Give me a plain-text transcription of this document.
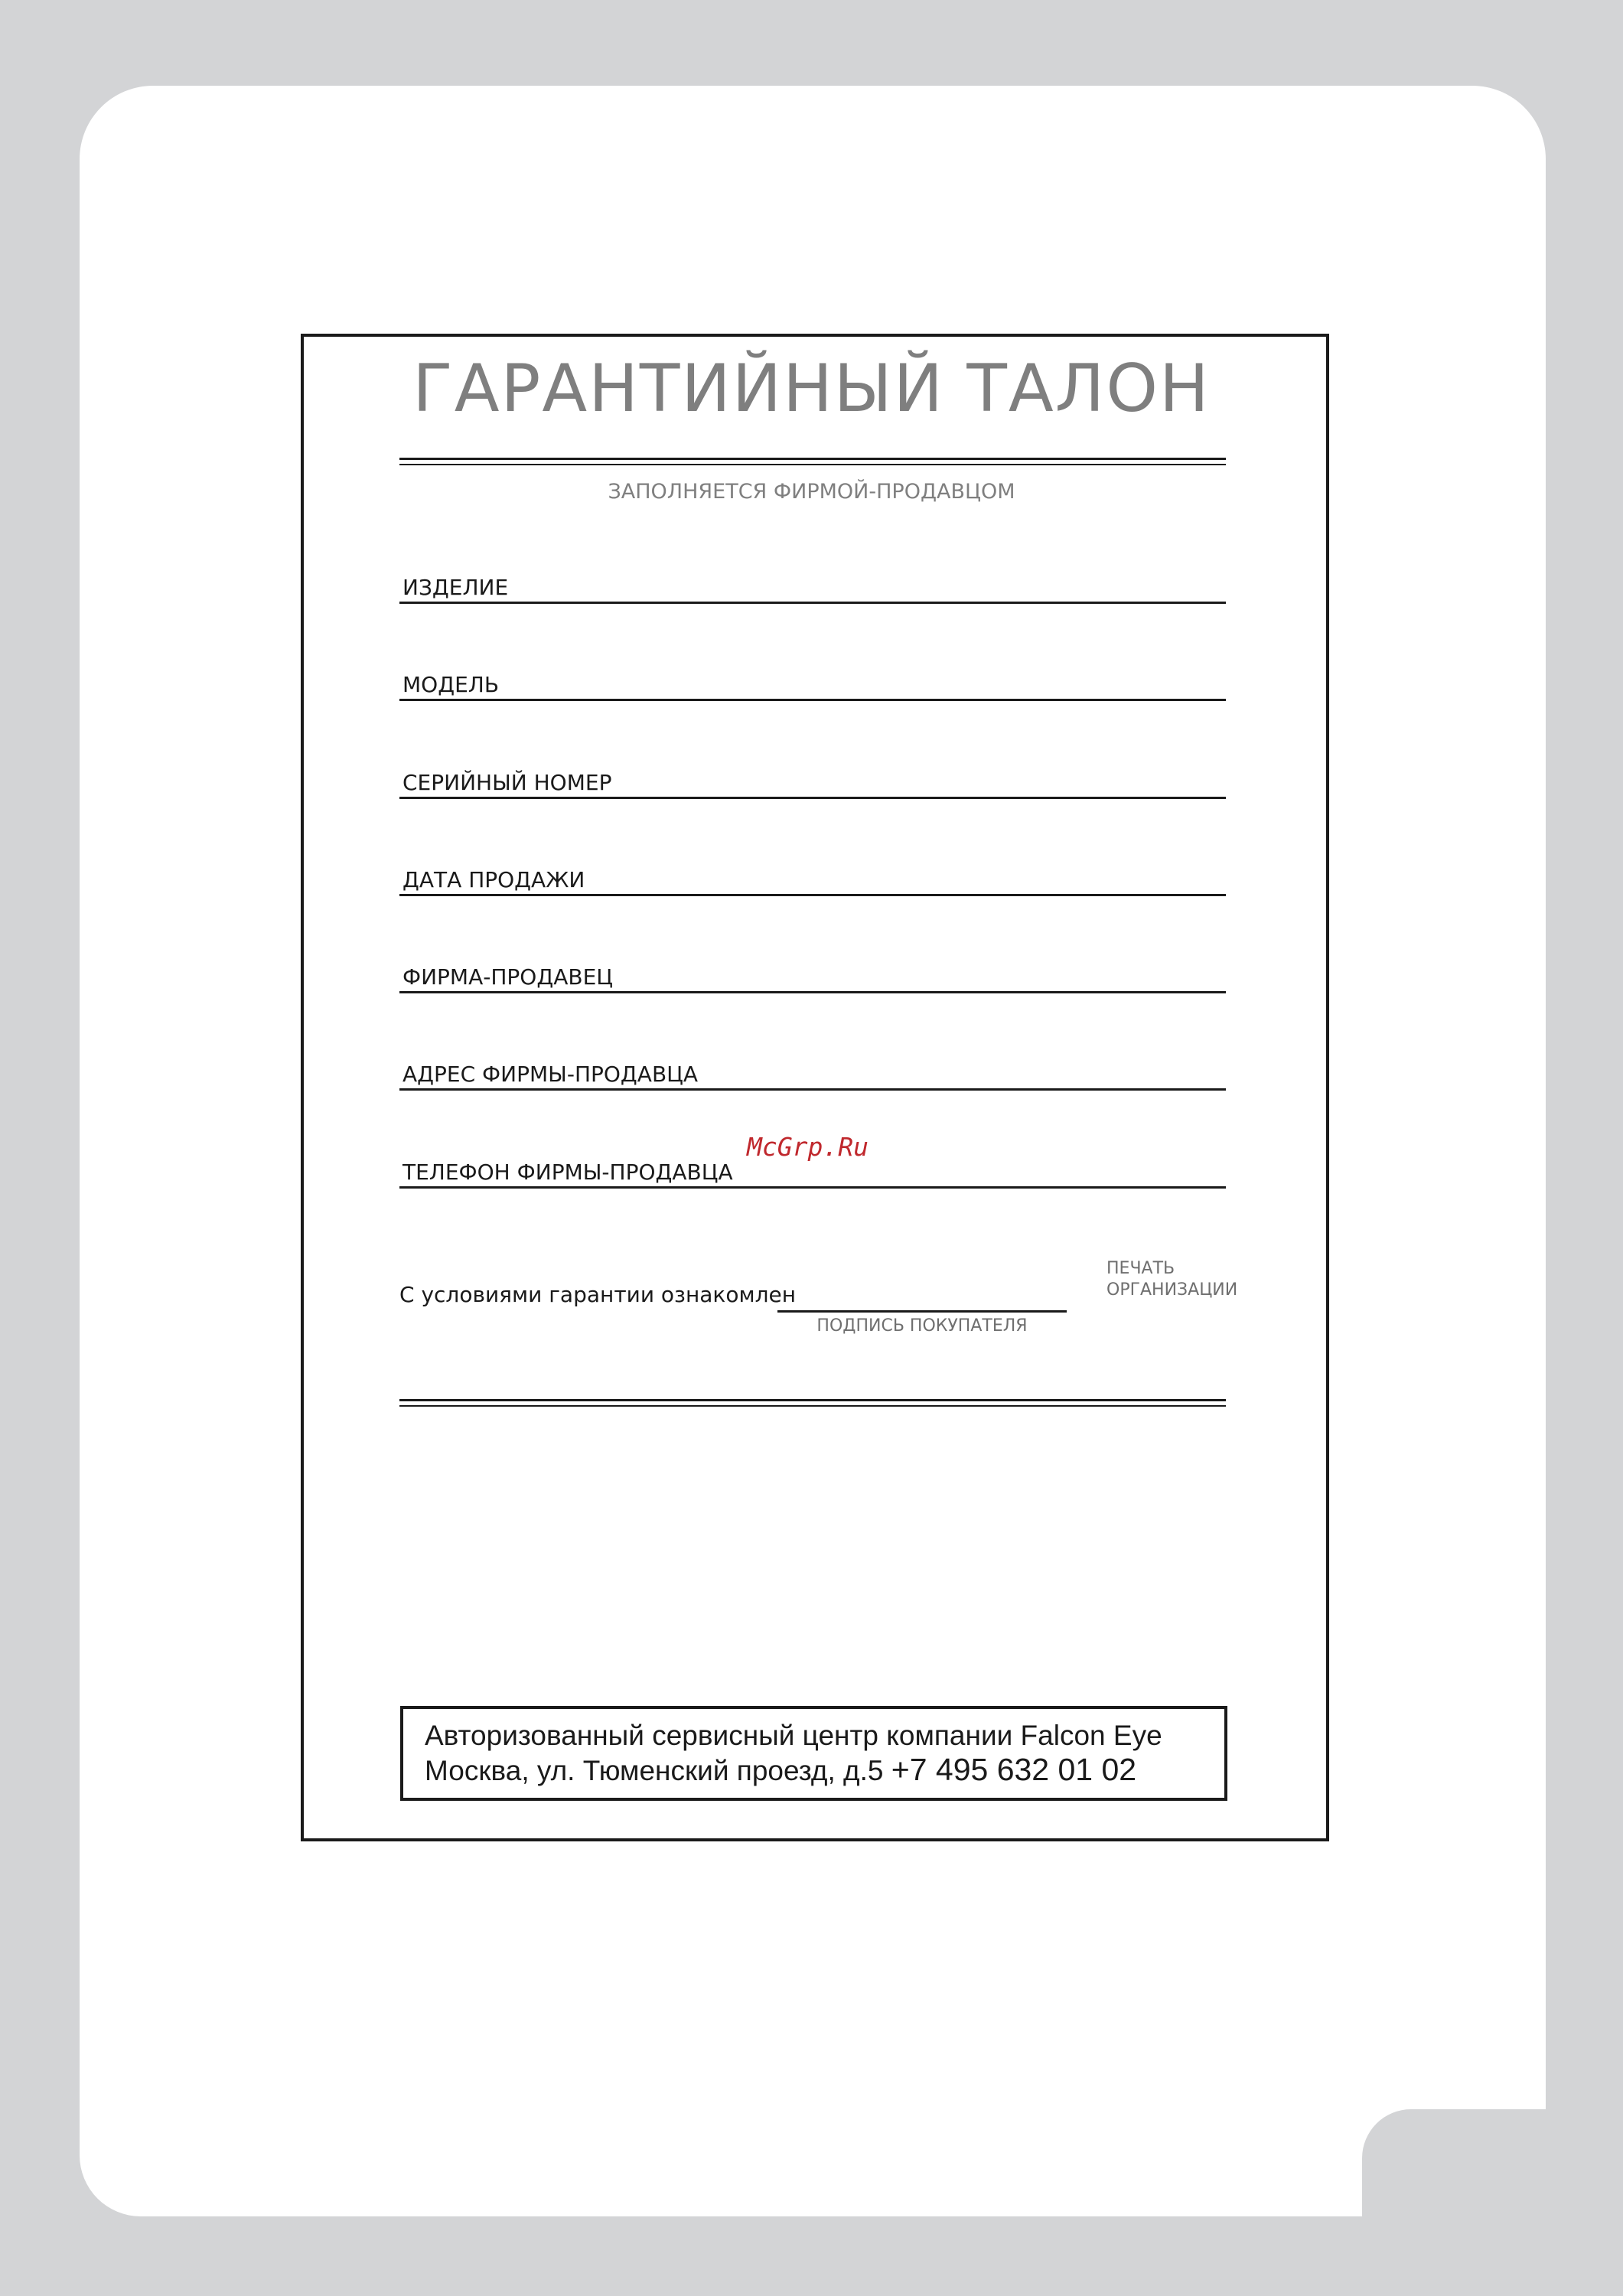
ГАРАНТИЙНЫЙ ТАЛОН
ЗАПОЛНЯЕТСЯ ФИРМОЙ-ПРОДАВЦОМ
ИЗДЕЛИЕ
МОДЕЛЬ
СЕРИЙНЫЙ НОМЕР
ДАТА ПРОДАЖИ
ФИРМА-ПРОДАВЕЦ
АДРЕС ФИРМЫ-ПРОДАВЦА
ТЕЛЕФОН ФИРМЫ-ПРОДАВЦА
McGrp.Ru
С условиями гарантии ознакомлен
ПОДПИСЬ ПОКУПАТЕЛЯ
ПЕЧАТЬ
ОРГАНИЗАЦИИ
Авторизованный сервисный центр компании Falcon Eye
Москва, ул. Тюменский проезд, д.5 +7 495 632 01 02
